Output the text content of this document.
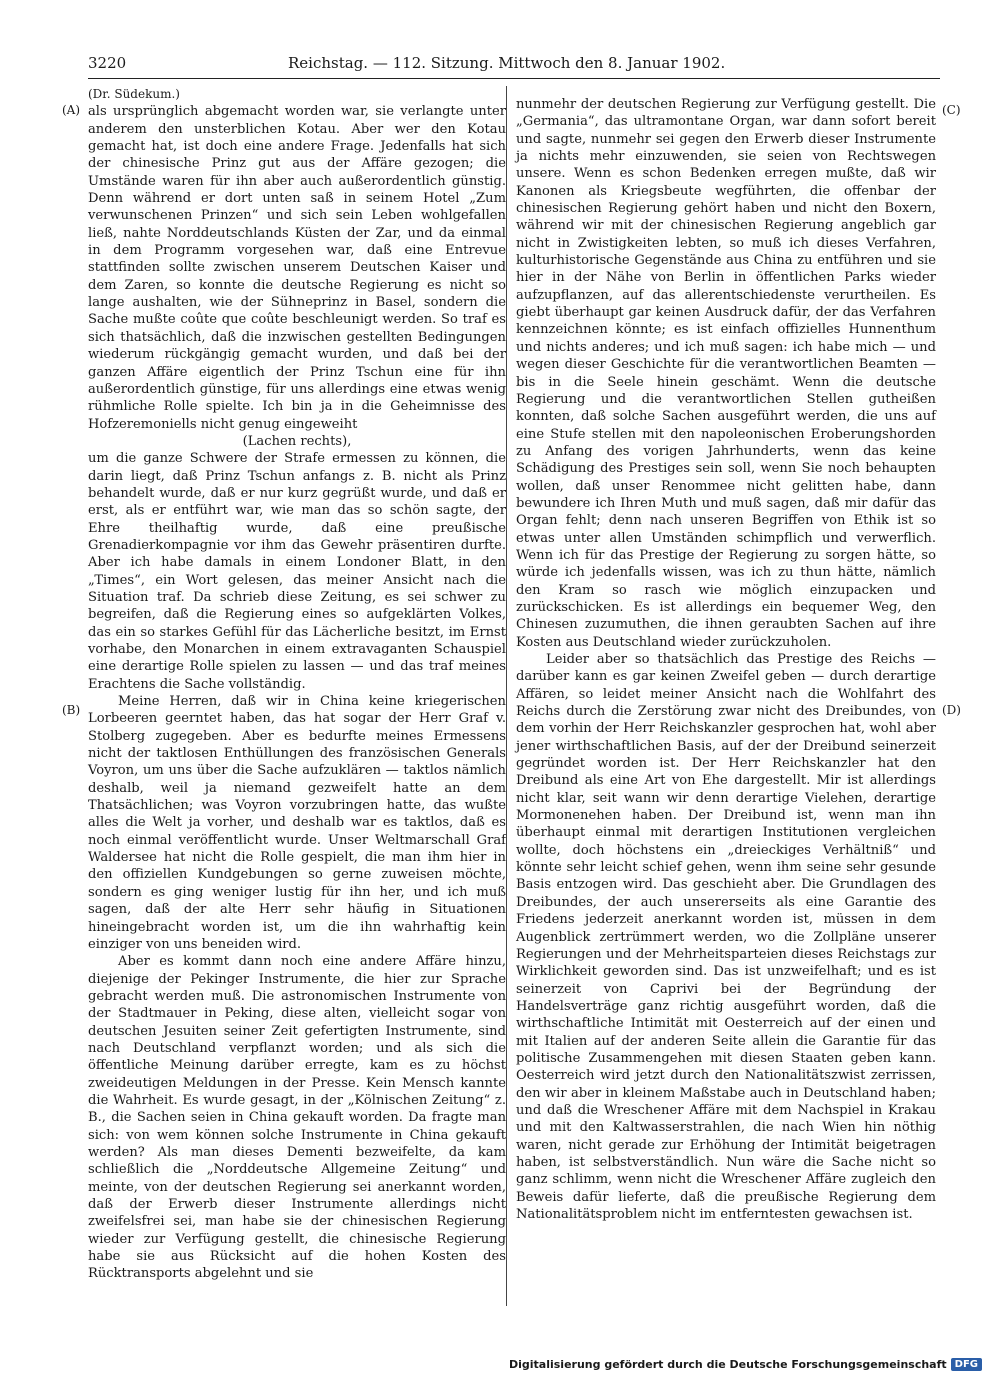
3220	Reichstag. — 112. Sitzung. Mittwoch den 8. Januar 1902.

(Dr. Südekum.)

als ursprünglich abgemacht worden war, sie verlangte unter anderem den unsterblichen Kotau. Aber wer den Kotau gemacht hat, ist doch eine andere Frage. Jedenfalls hat sich der chinesische Prinz gut aus der Affäre gezogen; die Umstände waren für ihn aber auch außerordentlich günstig. Denn während er dort unten saß in seinem Hotel „Zum verwunschenen Prinzen“ und sich sein Leben wohlgefallen ließ, nahte Norddeutschlands Küsten der Zar, und da einmal in dem Programm vorgesehen war, daß eine Entrevue stattfinden sollte zwischen unserem Deutschen Kaiser und dem Zaren, so konnte die deutsche Regierung es nicht so lange aushalten, wie der Sühneprinz in Basel, sondern die Sache mußte coûte que coûte beschleunigt werden. So traf es sich thatsächlich, daß die inzwischen gestellten Bedingungen wiederum rückgängig gemacht wurden, und daß bei der ganzen Affäre eigentlich der Prinz Tschun eine für ihn außerordentlich günstige, für uns allerdings eine etwas wenig rühmliche Rolle spielte. Ich bin ja in die Geheimnisse des Hofzeremoniells nicht genug eingeweiht

(Lachen rechts),

um die ganze Schwere der Strafe ermessen zu können, die darin liegt, daß Prinz Tschun anfangs z. B. nicht als Prinz behandelt wurde, daß er nur kurz gegrüßt wurde, und daß er erst, als er entführt war, wie man das so schön sagte, der Ehre theilhaftig wurde, daß eine preußische Grenadierkompagnie vor ihm das Gewehr präsentiren durfte. Aber ich habe damals in einem Londoner Blatt, in den „Times“, ein Wort gelesen, das meiner Ansicht nach die Situation traf. Da schrieb diese Zeitung, es sei schwer zu begreifen, daß die Regierung eines so aufgeklärten Volkes, das ein so starkes Gefühl für das Lächerliche besitzt, im Ernst vorhabe, den Monarchen in einem extravaganten Schauspiel eine derartige Rolle spielen zu lassen — und das traf meines Erachtens die Sache vollständig.

Meine Herren, daß wir in China keine kriegerischen Lorbeeren geerntet haben, das hat sogar der Herr Graf v. Stolberg zugegeben. Aber es bedurfte meines Ermessens nicht der taktlosen Enthüllungen des französischen Generals Voyron, um uns über die Sache aufzuklären — taktlos nämlich deshalb, weil ja niemand gezweifelt hatte an dem Thatsächlichen; was Voyron vorzubringen hatte, das wußte alles die Welt ja vorher, und deshalb war es taktlos, daß es noch einmal veröffentlicht wurde. Unser Weltmarschall Graf Waldersee hat nicht die Rolle gespielt, die man ihm hier in den offiziellen Kundgebungen so gerne zuweisen möchte, sondern es ging weniger lustig für ihn her, und ich muß sagen, daß der alte Herr sehr häufig in Situationen hineingebracht worden ist, um die ihn wahrhaftig kein einziger von uns beneiden wird.

Aber es kommt dann noch eine andere Affäre hinzu, diejenige der Pekinger Instrumente, die hier zur Sprache gebracht werden muß. Die astronomischen Instrumente von der Stadtmauer in Peking, diese alten, vielleicht sogar von deutschen Jesuiten seiner Zeit gefertigten Instrumente, sind nach Deutschland verpflanzt worden; und als sich die öffentliche Meinung darüber erregte, kam es zu höchst zweideutigen Meldungen in der Presse. Kein Mensch kannte die Wahrheit. Es wurde gesagt, in der „Kölnischen Zeitung“ z. B., die Sachen seien in China gekauft worden. Da fragte man sich: von wem können solche Instrumente in China gekauft werden? Als man dieses Dementi bezweifelte, da kam schließlich die „Norddeutsche Allgemeine Zeitung“ und meinte, von der deutschen Regierung sei anerkannt worden, daß der Erwerb dieser Instrumente allerdings nicht zweifelsfrei sei, man habe sie der chinesischen Regierung wieder zur Verfügung gestellt, die chinesische Regierung habe sie aus Rücksicht auf die hohen Kosten des Rücktransports abgelehnt und sie

nunmehr der deutschen Regierung zur Verfügung gestellt. Die „Germania“, das ultramontane Organ, war dann sofort bereit und sagte, nunmehr sei gegen den Erwerb dieser Instrumente ja nichts mehr einzuwenden, sie seien von Rechtswegen unsere. Wenn es schon Bedenken erregen mußte, daß wir Kanonen als Kriegsbeute wegführten, die offenbar der chinesischen Regierung gehört haben und nicht den Boxern, während wir mit der chinesischen Regierung angeblich gar nicht in Zwistigkeiten lebten, so muß ich dieses Verfahren, kulturhistorische Gegenstände aus China zu entführen und sie hier in der Nähe von Berlin in öffentlichen Parks wieder aufzupflanzen, auf das allerentschiedenste verurtheilen. Es giebt überhaupt gar keinen Ausdruck dafür, der das Verfahren kennzeichnen könnte; es ist einfach offizielles Hunnenthum und nichts anderes; und ich muß sagen: ich habe mich — und wegen dieser Geschichte für die verantwortlichen Beamten — bis in die Seele hinein geschämt. Wenn die deutsche Regierung und die verantwortlichen Stellen gutheißen konnten, daß solche Sachen ausgeführt werden, die uns auf eine Stufe stellen mit den napoleonischen Eroberungshorden zu Anfang des vorigen Jahrhunderts, wenn das keine Schädigung des Prestiges sein soll, wenn Sie noch behaupten wollen, daß unser Renommee nicht gelitten habe, dann bewundere ich Ihren Muth und muß sagen, daß mir dafür das Organ fehlt; denn nach unseren Begriffen von Ethik ist so etwas unter allen Umständen schimpflich und verwerflich. Wenn ich für das Prestige der Regierung zu sorgen hätte, so würde ich jedenfalls wissen, was ich zu thun hätte, nämlich den Kram so rasch wie möglich einzupacken und zurückschicken. Es ist allerdings ein bequemer Weg, den Chinesen zuzumuthen, die ihnen geraubten Sachen auf ihre Kosten aus Deutschland wieder zurückzuholen.

Leider aber so thatsächlich das Prestige des Reichs — darüber kann es gar keinen Zweifel geben — durch derartige Affären, so leidet meiner Ansicht nach die Wohlfahrt des Reichs durch die Zerstörung zwar nicht des Dreibundes, von dem vorhin der Herr Reichskanzler gesprochen hat, wohl aber jener wirthschaftlichen Basis, auf der der Dreibund seinerzeit gegründet worden ist. Der Herr Reichskanzler hat den Dreibund als eine Art von Ehe dargestellt. Mir ist allerdings nicht klar, seit wann wir denn derartige Vielehen, derartige Mormonenehen haben. Der Dreibund ist, wenn man ihn überhaupt einmal mit derartigen Institutionen vergleichen wollte, doch höchstens ein „dreieckiges Verhältniß“ und könnte sehr leicht schief gehen, wenn ihm seine sehr gesunde Basis entzogen wird. Das geschieht aber. Die Grundlagen des Dreibundes, der auch unsererseits als eine Garantie des Friedens jederzeit anerkannt worden ist, müssen in dem Augenblick zertrümmert werden, wo die Zollpläne unserer Regierungen und der Mehrheitsparteien dieses Reichstags zur Wirklichkeit geworden sind. Das ist unzweifelhaft; und es ist seinerzeit von Caprivi bei der Begründung der Handelsverträge ganz richtig ausgeführt worden, daß die wirthschaftliche Intimität mit Oesterreich auf der einen und mit Italien auf der anderen Seite allein die Garantie für das politische Zusammengehen mit diesen Staaten geben kann. Oesterreich wird jetzt durch den Nationalitätszwist zerrissen, den wir aber in kleinem Maßstabe auch in Deutschland haben; und daß die Wreschener Affäre mit dem Nachspiel in Krakau und mit den Kaltwasserstrahlen, die nach Wien hin nöthig waren, nicht gerade zur Erhöhung der Intimität beigetragen haben, ist selbstverständlich. Nun wäre die Sache nicht so ganz schlimm, wenn nicht die Wreschener Affäre zugleich den Beweis dafür lieferte, daß die preußische Regierung dem Nationalitätsproblem nicht im entferntesten gewachsen ist.

(A)
(B)
(C)
(D)
Digitalisierung gefördert durch die Deutsche Forschungsgemeinschaft DFG
